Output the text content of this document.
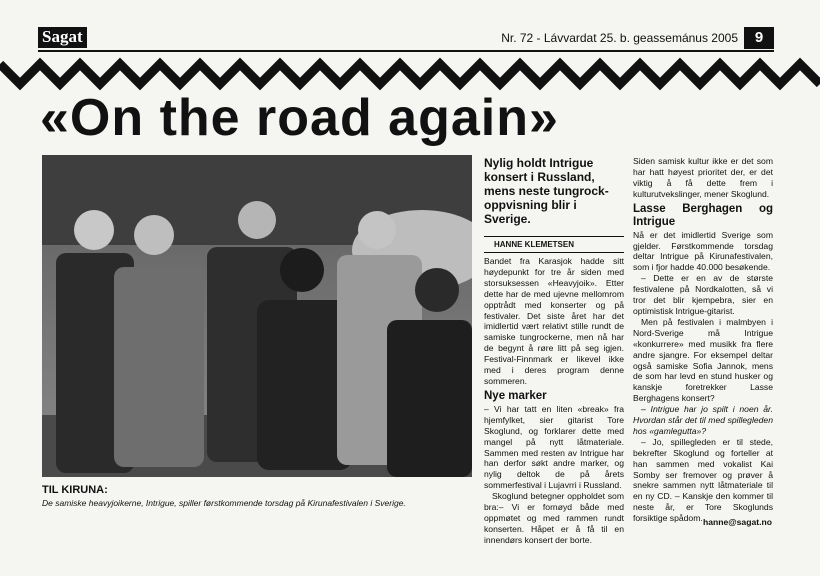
Sagat	Nr. 72 - Lávvardat 25. b. geassemánus 2005	9
«On the road again»
TIL KIRUNA:
De samiske heavyjoikerne, Intrigue, spiller førstkommende torsdag på Kirunafestivalen i Sverige.
Nylig holdt Intrigue konsert i Russland, mens neste tungrock-oppvisning blir i Sverige.
HANNE KLEMETSEN

Bandet fra Karasjok hadde sitt høydepunkt for tre år siden med storsuksessen «Heavyjoik». Etter dette har de med ujevne mellomrom opptrådt med konserter og på festivaler. Det siste året har det imidlertid vært relativt stille rundt de samiske tungrockerne, men nå har de begynt å røre litt på seg igjen. Festival-Finnmark er likevel ikke med i deres program denne sommeren.

Nye marker

– Vi har tatt en liten «break» fra hjemfylket, sier gitarist Tore Skoglund, og forklarer dette med mangel på nytt låtmateriale. Sammen med resten av Intrigue har han derfor søkt andre marker, og nylig deltok de på årets sommerfestival i Lujavrri i Russland.

Skoglund betegner oppholdet som bra:– Vi er fornøyd både med oppmøtet og med rammen rundt konserten. Håpet er å få til en innendørs konsert der borte.

Siden samisk kultur ikke er det som har hatt høyest prioritet der, er det viktig å få dette frem i kulturutvekslinger, mener Skoglund.

Lasse Berghagen og Intrigue

Nå er det imidlertid Sverige som gjelder. Førstkommende torsdag deltar Intrigue på Kirunafestivalen, som i fjor hadde 40.000 besøkende.

– Dette er en av de største festivalene på Nordkalotten, så vi tror det blir kjempebra, sier en optimistisk Intrigue-gitarist.

Men på festivalen i malmbyen i Nord-Sverige må Intrigue «konkurrere» med musikk fra flere andre sjangre. For eksempel deltar også samiske Sofia Jannok, mens de som har levd en stund husker og kanskje foretrekker Lasse Berghagens konsert?

– Intrigue har jo spilt i noen år. Hvordan står det til med spillegleden hos «gamlegutta»?

– Jo, spillegleden er til stede, bekrefter Skoglund og forteller at han sammen med vokalist Kai Somby ser fremover og prøver å snekre sammen nytt låtmateriale til en ny CD. – Kanskje den kommer til neste år, er Tore Skoglunds forsiktige spådom. hanne@sagat.no
